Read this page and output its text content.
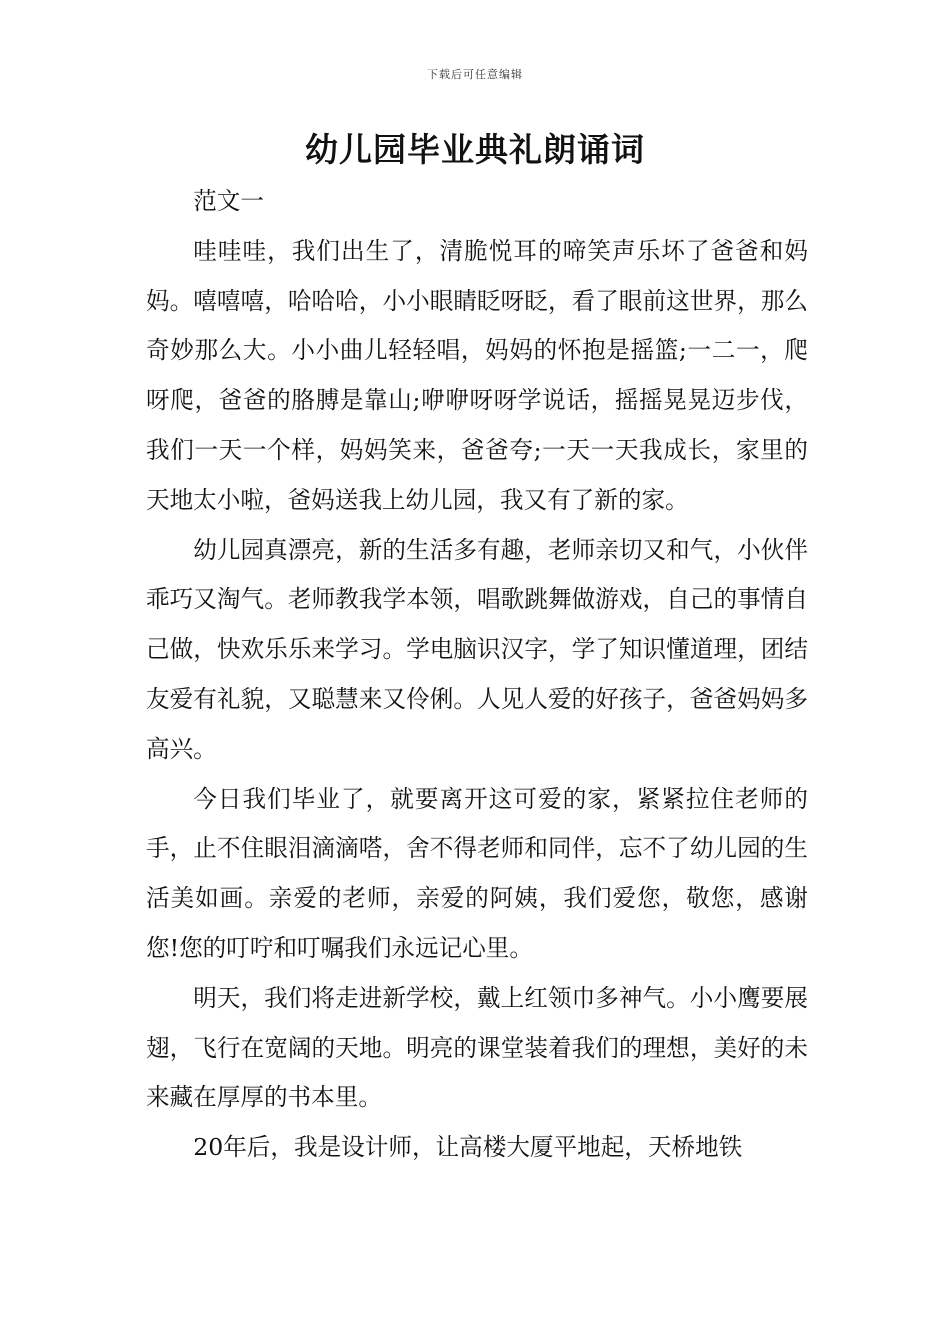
下载后可任意编辑
幼儿园毕业典礼朗诵词

范文一

哇哇哇，我们出生了，清脆悦耳的啼笑声乐坏了爸爸和妈妈。嘻嘻嘻，哈哈哈，小小眼睛眨呀眨，看了眼前这世界，那么奇妙那么大。小小曲儿轻轻唱，妈妈的怀抱是摇篮;一二一，爬呀爬，爸爸的胳膊是靠山;咿咿呀呀学说话，摇摇晃晃迈步伐，我们一天一个样，妈妈笑来，爸爸夸;一天一天我成长，家里的天地太小啦，爸妈送我上幼儿园，我又有了新的家。

幼儿园真漂亮，新的生活多有趣，老师亲切又和气，小伙伴乖巧又淘气。老师教我学本领，唱歌跳舞做游戏，自己的事情自己做，快欢乐乐来学习。学电脑识汉字，学了知识懂道理，团结友爱有礼貌，又聪慧来又伶俐。人见人爱的好孩子，爸爸妈妈多高兴。

今日我们毕业了，就要离开这可爱的家，紧紧拉住老师的手，止不住眼泪滴滴嗒，舍不得老师和同伴，忘不了幼儿园的生活美如画。亲爱的老师，亲爱的阿姨，我们爱您，敬您，感谢您!您的叮咛和叮嘱我们永远记心里。

明天，我们将走进新学校，戴上红领巾多神气。小小鹰要展翅，飞行在宽阔的天地。明亮的课堂装着我们的理想，美好的未来藏在厚厚的书本里。

20年后，我是设计师，让高楼大厦平地起，天桥地铁
